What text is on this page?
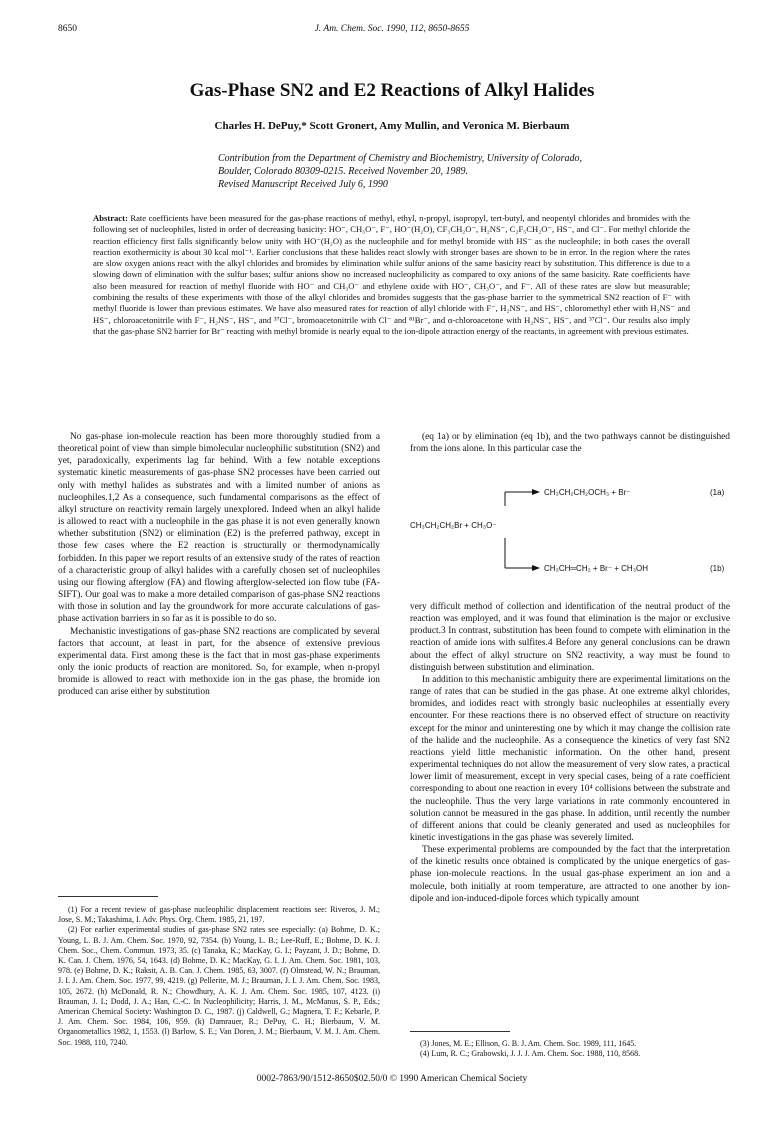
8650	J. Am. Chem. Soc. 1990, 112, 8650-8655
Gas-Phase SN2 and E2 Reactions of Alkyl Halides
Charles H. DePuy,* Scott Gronert, Amy Mullin, and Veronica M. Bierbaum
Contribution from the Department of Chemistry and Biochemistry, University of Colorado,
Boulder, Colorado 80309-0215. Received November 20, 1989.
Revised Manuscript Received July 6, 1990
Abstract: Rate coefficients have been measured for the gas-phase reactions of methyl, ethyl, n-propyl, isopropyl, tert-butyl, and neopentyl chlorides and bromides with the following set of nucleophiles, listed in order of decreasing basicity: HO⁻, CH₃O⁻, F⁻, HO⁻(H₂O), CF₃CH₂O⁻, H₂NS⁻, C₂F₅CH₂O⁻, HS⁻, and Cl⁻. For methyl chloride the reaction efficiency first falls significantly below unity with HO⁻(H₂O) as the nucleophile and for methyl bromide with HS⁻ as the nucleophile; in both cases the overall reaction exothermicity is about 30 kcal mol⁻¹. Earlier conclusions that these halides react slowly with stronger bases are shown to be in error. In the region where the rates are slow oxygen anions react with the alkyl chlorides and bromides by elimination while sulfur anions of the same basicity react by substitution. This difference is due to a slowing down of elimination with the sulfur bases; sulfur anions show no increased nucleophilicity as compared to oxy anions of the same basicity. Rate coefficients have also been measured for reaction of methyl fluoride with HO⁻ and CH₃O⁻ and ethylene oxide with HO⁻, CH₃O⁻, and F⁻. All of these rates are slow but measurable; combining the results of these experiments with those of the alkyl chlorides and bromides suggests that the gas-phase barrier to the symmetrical SN2 reaction of F⁻ with methyl fluoride is lower than previous estimates. We have also measured rates for reaction of allyl chloride with F⁻, H₂NS⁻, and HS⁻, chloromethyl ether with H₂NS⁻ and HS⁻, chloroacetonitrile with F⁻, H₂NS⁻, HS⁻, and ³⁷Cl⁻, bromoacetonitrile with Cl⁻ and ⁸¹Br⁻, and α-chloroacetone with H₂NS⁻, HS⁻, and ³⁷Cl⁻. Our results also imply that the gas-phase SN2 barrier for Br⁻ reacting with methyl bromide is nearly equal to the ion-dipole attraction energy of the reactants, in agreement with previous estimates.

No gas-phase ion-molecule reaction has been more thoroughly studied from a theoretical point of view than simple bimolecular nucleophilic substitution (SN2) and yet, paradoxically, experiments lag far behind. With a few notable exceptions systematic kinetic measurements of gas-phase SN2 processes have been carried out only with methyl halides as substrates and with a limited number of anions as nucleophiles.1,2 As a consequence, such fundamental comparisons as the effect of alkyl structure on reactivity remain largely unexplored. Indeed when an alkyl halide is allowed to react with a nucleophile in the gas phase it is not even generally known whether substitution (SN2) or elimination (E2) is the preferred pathway, except in those few cases where the E2 reaction is structurally or thermodynamically forbidden. In this paper we report results of an extensive study of the rates of reaction of a characteristic group of alkyl halides with a carefully chosen set of nucleophiles using our flowing afterglow (FA) and flowing afterglow-selected ion flow tube (FA-SIFT). Our goal was to make a more detailed comparison of gas-phase SN2 reactions with those in solution and lay the groundwork for more accurate calculations of gas-phase activation barriers in so far as it is possible to do so.

Mechanistic investigations of gas-phase SN2 reactions are complicated by several factors that account, at least in part, for the absence of extensive previous experimental data. First among these is the fact that in most gas-phase experiments only the ionic products of reaction are monitored. So, for example, when n-propyl bromide is allowed to react with methoxide ion in the gas phase, the bromide ion produced can arise either by substitution

(1) For a recent review of gas-phase nucleophilic displacement reactions see: Riveros, J. M.; Jose, S. M.; Takashima, I. Adv. Phys. Org. Chem. 1985, 21, 197.

(2) For earlier experimental studies of gas-phase SN2 rates see especially: (a) Bohme, D. K.; Young, L. B. J. Am. Chem. Soc. 1970, 92, 7354. (b) Young, L. B.; Lee-Ruff, E.; Bohme, D. K. J. Chem. Soc., Chem. Commun. 1973, 35. (c) Tanaka, K.; MacKay, G. I.; Payzant, J. D.; Bohme, D. K. Can. J. Chem. 1976, 54, 1643. (d) Bohme, D. K.; MacKay, G. I. J. Am. Chem. Soc. 1981, 103, 978. (e) Bohme, D. K.; Raksit, A. B. Can. J. Chem. 1985, 63, 3007. (f) Olmstead, W. N.; Brauman, J. I. J. Am. Chem. Soc. 1977, 99, 4219. (g) Pellerite, M. J.; Brauman, J. I. J. Am. Chem. Soc. 1983, 105, 2672. (h) McDonald, R. N.; Chowdhury, A. K. J. Am. Chem. Soc. 1985, 107, 4123. (i) Brauman, J. I.; Dodd, J. A.; Han, C.-C. In Nucleophilicity; Harris, J. M., McManus, S. P., Eds.; American Chemical Society: Washington D. C., 1987. (j) Caldwell, G.; Magnera, T. F.; Kebarle, P. J. Am. Chem. Soc. 1984, 106, 959. (k) Damrauer, R.; DePuy, C. H.; Bierbaum, V. M. Organometallics 1982, 1, 1553. (l) Barlow, S. E.; Van Doren, J. M.; Bierbaum, V. M. J. Am. Chem. Soc. 1988, 110, 7240.

(eq 1a) or by elimination (eq 1b), and the two pathways cannot be distinguished from the ions alone. In this particular case the

CH₃CH₂CH₂Br + CH₃O⁻
CH₃CH₂CH₂OCH₃ + Br⁻	(1a)
CH₃CH═CH₂ + Br⁻ + CH₃OH	(1b)

very difficult method of collection and identification of the neutral product of the reaction was employed, and it was found that elimination is the major or exclusive product.3 In contrast, substitution has been found to compete with elimination in the reaction of amide ions with sulfites.4 Before any general conclusions can be drawn about the effect of alkyl structure on SN2 reactivity, a way must be found to distinguish between substitution and elimination.

In addition to this mechanistic ambiguity there are experimental limitations on the range of rates that can be studied in the gas phase. At one extreme alkyl chlorides, bromides, and iodides react with strongly basic nucleophiles at essentially every encounter. For these reactions there is no observed effect of structure on reactivity except for the minor and uninteresting one by which it may change the collision rate of the halide and the nucleophile. As a consequence the kinetics of very fast SN2 reactions yield little mechanistic information. On the other hand, present experimental techniques do not allow the measurement of very slow rates, a practical lower limit of measurement, except in very special cases, being of a rate coefficient corresponding to about one reaction in every 10⁴ collisions between the substrate and the nucleophile. Thus the very large variations in rate commonly encountered in solution cannot be measured in the gas phase. In addition, until recently the number of different anions that could be cleanly generated and used as nucleophiles for kinetic investigations in the gas phase was severely limited.

These experimental problems are compounded by the fact that the interpretation of the kinetic results once obtained is complicated by the unique energetics of gas-phase ion-molecule reactions. In the usual gas-phase experiment an ion and a molecule, both initially at room temperature, are attracted to one another by ion-dipole and ion-induced-dipole forces which typically amount

(3) Jones, M. E.; Ellison, G. B. J. Am. Chem. Soc. 1989, 111, 1645.

(4) Lum, R. C.; Grabowski, J. J. J. Am. Chem. Soc. 1988, 110, 8568.

0002-7863/90/1512-8650$02.50/0 © 1990 American Chemical Society
